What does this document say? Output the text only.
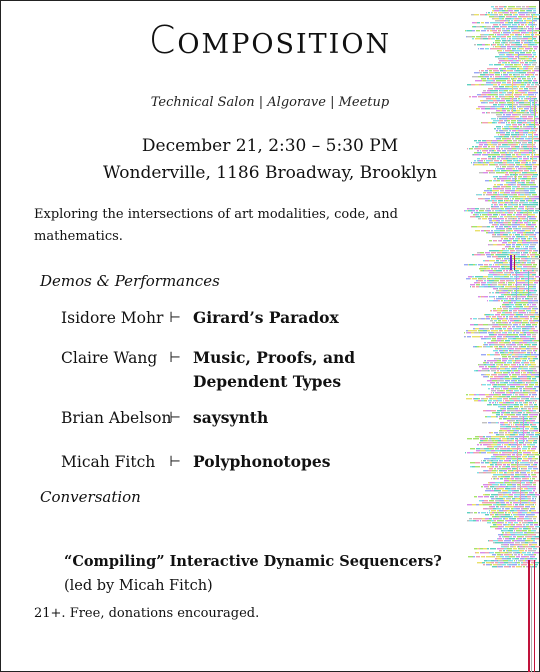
Composition
Technical Salon | Algorave | Meetup
December 21, 2:30 – 5:30 PM
Wonderville, 1186 Broadway, Brooklyn
Exploring the intersections of art modalities, code, and mathematics.
Demos & Performances
Isidore Mohr ⊢ Girard’s Paradox
Claire Wang ⊢ Music, Proofs, and Dependent Types
Brian Abelson
⊢ saysynth
Micah Fitch ⊢ Polyphonotopes
Conversation
“Compiling” Interactive Dynamic Sequencers?
(led by Micah Fitch)
21+. Free, donations encouraged.
